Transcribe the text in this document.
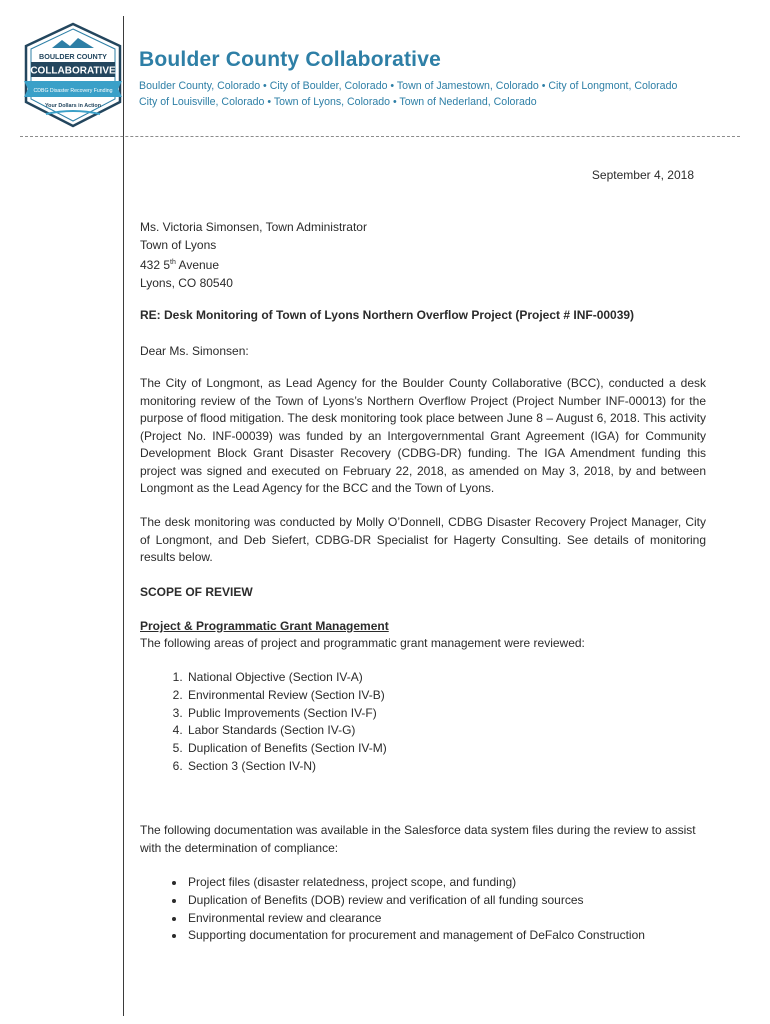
BOULDER COUNTY
COLLABORATIVE
CDBG Disaster Recovery Funding
Your Dollars in Action
Boulder County Collaborative
Boulder County, Colorado • City of Boulder, Colorado • Town of Jamestown, Colorado • City of Longmont, Colorado
City of Louisville, Colorado • Town of Lyons, Colorado • Town of Nederland, Colorado
September 4, 2018
Ms. Victoria Simonsen, Town Administrator
Town of Lyons
432 5th Avenue
Lyons, CO 80540
RE: Desk Monitoring of Town of Lyons Northern Overflow Project (Project # INF-00039)
Dear Ms. Simonsen:
The City of Longmont, as Lead Agency for the Boulder County Collaborative (BCC), conducted a desk monitoring review of the Town of Lyons’s Northern Overflow Project (Project Number INF-00013) for the purpose of flood mitigation. The desk monitoring took place between June 8 – August 6, 2018. This activity (Project No. INF-00039) was funded by an Intergovernmental Grant Agreement (IGA) for Community Development Block Grant Disaster Recovery (CDBG-DR) funding. The IGA Amendment funding this project was signed and executed on February 22, 2018, as amended on May 3, 2018, by and between Longmont as the Lead Agency for the BCC and the Town of Lyons.
The desk monitoring was conducted by Molly O’Donnell, CDBG Disaster Recovery Project Manager, City of Longmont, and Deb Siefert, CDBG-DR Specialist for Hagerty Consulting. See details of monitoring results below.
SCOPE OF REVIEW
Project & Programmatic Grant Management
The following areas of project and programmatic grant management were reviewed:
1. National Objective (Section IV-A)
2. Environmental Review (Section IV-B)
3. Public Improvements (Section IV-F)
4. Labor Standards (Section IV-G)
5. Duplication of Benefits (Section IV-M)
6. Section 3 (Section IV-N)
The following documentation was available in the Salesforce data system files during the review to assist with the determination of compliance:
• Project files (disaster relatedness, project scope, and funding)
• Duplication of Benefits (DOB) review and verification of all funding sources
• Environmental review and clearance
• Supporting documentation for procurement and management of DeFalco Construction
